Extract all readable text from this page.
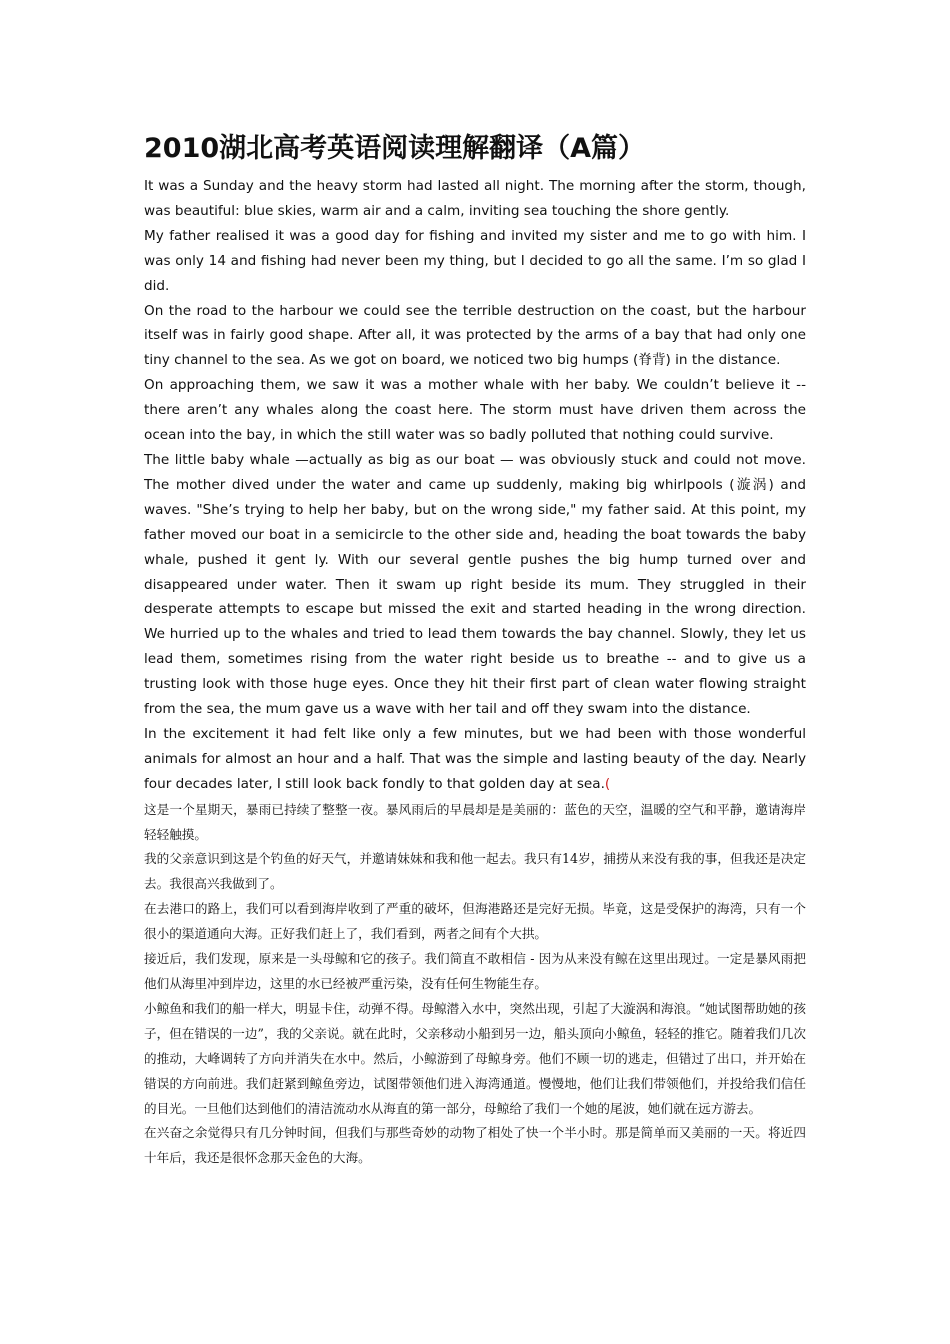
2010湖北高考英语阅读理解翻译（A篇）

It was a Sunday and the heavy storm had lasted all night. The morning after the storm, though, was beautiful: blue skies, warm air and a calm, inviting sea touching the shore gently.

My father realised it was a good day for fishing and invited my sister and me to go with him. I was only 14 and fishing had never been my thing, but I decided to go all the same. I’m so glad I did.

On the road to the harbour we could see the terrible destruction on the coast, but the harbour itself was in fairly good shape. After all, it was protected by the arms of a bay that had only one tiny channel to the sea. As we got on board, we noticed two big humps (脊背) in the distance.

On approaching them, we saw it was a mother whale with her baby. We couldn’t believe it -- there aren’t any whales along the coast here. The storm must have driven them across the ocean into the bay, in which the still water was so badly polluted that nothing could survive.

The little baby whale —actually as big as our boat — was obviously stuck and could not move. The mother dived under the water and came up suddenly, making big whirlpools (漩涡) and waves. "She’s trying to help her baby, but on the wrong side," my father said. At this point, my father moved our boat in a semicircle to the other side and, heading the boat towards the baby whale, pushed it gent ly. With our several gentle pushes the big hump turned over and disappeared under water. Then it swam up right beside its mum. They struggled in their desperate attempts to escape but missed the exit and started heading in the wrong direction. We hurried up to the whales and tried to lead them towards the bay channel. Slowly, they let us lead them, sometimes rising from the water right beside us to breathe -- and to give us a trusting look with those huge eyes. Once they hit their first part of clean water flowing straight from the sea, the mum gave us a wave with her tail and off they swam into the distance.

In the excitement it had felt like only a few minutes, but we had been with those wonderful animals for almost an hour and a half. That was the simple and lasting beauty of the day. Nearly four decades later, I still look back fondly to that golden day at sea.(

这是一个星期天，暴雨已持续了整整一夜。暴风雨后的早晨却是是美丽的：蓝色的天空，温暖的空气和平静，邀请海岸轻轻触摸。

我的父亲意识到这是个钓鱼的好天气，并邀请妹妹和我和他一起去。我只有14岁，捕捞从来没有我的事，但我还是决定去。我很高兴我做到了。

在去港口的路上，我们可以看到海岸收到了严重的破坏，但海港路还是完好无损。毕竟，这是受保护的海湾，只有一个很小的渠道通向大海。正好我们赶上了，我们看到，两者之间有个大拱。

接近后，我们发现，原来是一头母鲸和它的孩子。我们简直不敢相信 - 因为从来没有鲸在这里出现过。一定是暴风雨把他们从海里冲到岸边，这里的水已经被严重污染，没有任何生物能生存。

小鲸鱼和我们的船一样大，明显卡住，动弹不得。母鲸潜入水中，突然出现，引起了大漩涡和海浪。“她试图帮助她的孩子，但在错误的一边”，我的父亲说。就在此时，父亲移动小船到另一边，船头顶向小鲸鱼，轻轻的推它。随着我们几次的推动，大峰调转了方向并消失在水中。然后，小鲸游到了母鲸身旁。他们不顾一切的逃走，但错过了出口，并开始在错误的方向前进。我们赶紧到鲸鱼旁边，试图带领他们进入海湾通道。慢慢地，他们让我们带领他们，并投给我们信任的目光。一旦他们达到他们的清洁流动水从海直的第一部分，母鲸给了我们一个她的尾波，她们就在远方游去。

在兴奋之余觉得只有几分钟时间，但我们与那些奇妙的动物了相处了快一个半小时。那是简单而又美丽的一天。将近四十年后，我还是很怀念那天金色的大海。
